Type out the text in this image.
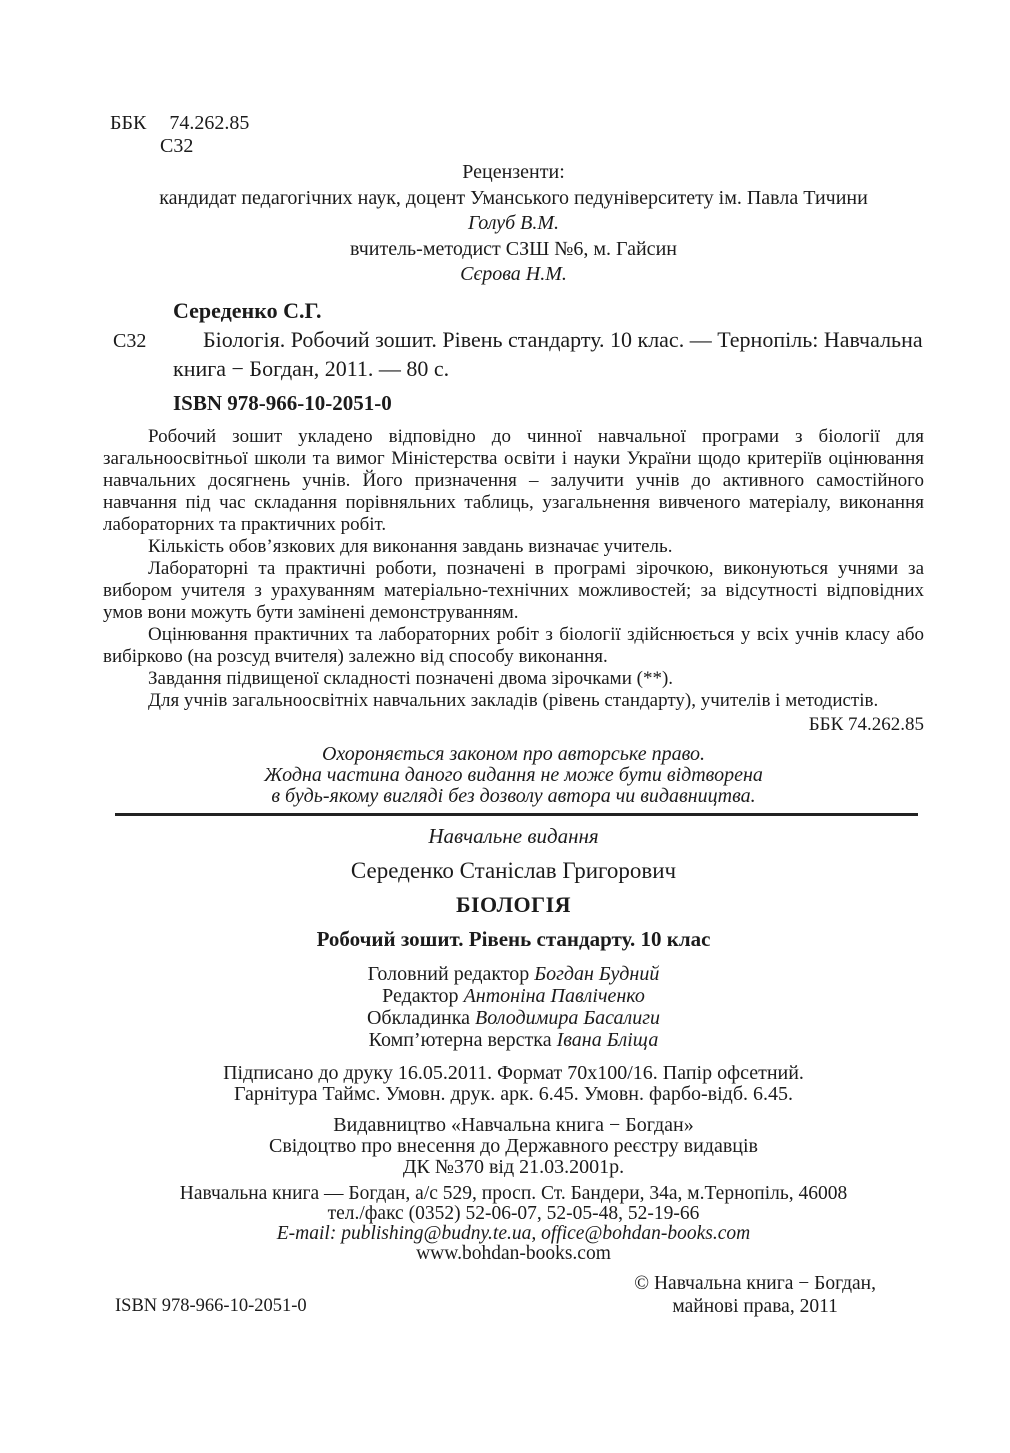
ББК 74.262.85
С32
Рецензенти:
кандидат педагогічних наук, доцент Уманського педуніверситету ім. Павла Тичини
Голуб В.М.
вчитель-методист СЗШ №6, м. Гайсин
Сєрова Н.М.
С32
Середенко С.Г.
Біологія. Робочий зошит. Рівень стандарту. 10 клас. — Тернопіль: Навчальна книга − Богдан, 2011. — 80 с.
ISBN 978-966-10-2051-0

Робочий зошит укладено відповідно до чинної навчальної програми з біології для загальноосвітньої школи та вимог Міністерства освіти і науки України щодо критеріїв оцінювання навчальних досягнень учнів. Його призначення – залучити учнів до активного самостійного навчання під час складання порівняльних таблиць, узагальнення вивченого матеріалу, виконання лабораторних та практичних робіт.

Кількість обов’язкових для виконання завдань визначає учитель.

Лабораторні та практичні роботи, позначені в програмі зірочкою, виконуються учнями за вибором учителя з урахуванням матеріально-технічних можливостей; за відсутності відповідних умов вони можуть бути замінені демонструванням.

Оцінювання практичних та лабораторних робіт з біології здійснюється у всіх учнів класу або вибірково (на розсуд вчителя) залежно від способу виконання.

Завдання підвищеної складності позначені двома зірочками (**).

Для учнів загальноосвітніх навчальних закладів (рівень стандарту), учителів і методистів.

ББК 74.262.85
Охороняється законом про авторське право.
Жодна частина даного видання не може бути відтворена
в будь-якому вигляді без дозволу автора чи видавництва.
Навчальне видання
Середенко Станіслав Григорович
БІОЛОГІЯ
Робочий зошит. Рівень стандарту. 10 клас
Головний редактор Богдан Будний
Редактор Антоніна Павліченко
Обкладинка Володимира Басалиги
Комп’ютерна верстка Івана Бліща
Підписано до друку 16.05.2011. Формат 70х100/16. Папір офсетний.
Гарнітура Таймс. Умовн. друк. арк. 6.45. Умовн. фарбо-відб. 6.45.
Видавництво «Навчальна книга − Богдан»
Свідоцтво про внесення до Державного реєстру видавців
ДК №370 від 21.03.2001р.
Навчальна книга — Богдан, а/с 529, просп. Ст. Бандери, 34а, м.Тернопіль, 46008
тел./факс (0352) 52-06-07, 52-05-48, 52-19-66
E-mail: publishing@budny.te.ua, office@bohdan-books.com
www.bohdan-books.com
ISBN 978-966-10-2051-0
© Навчальна книга − Богдан,
майнові права, 2011
